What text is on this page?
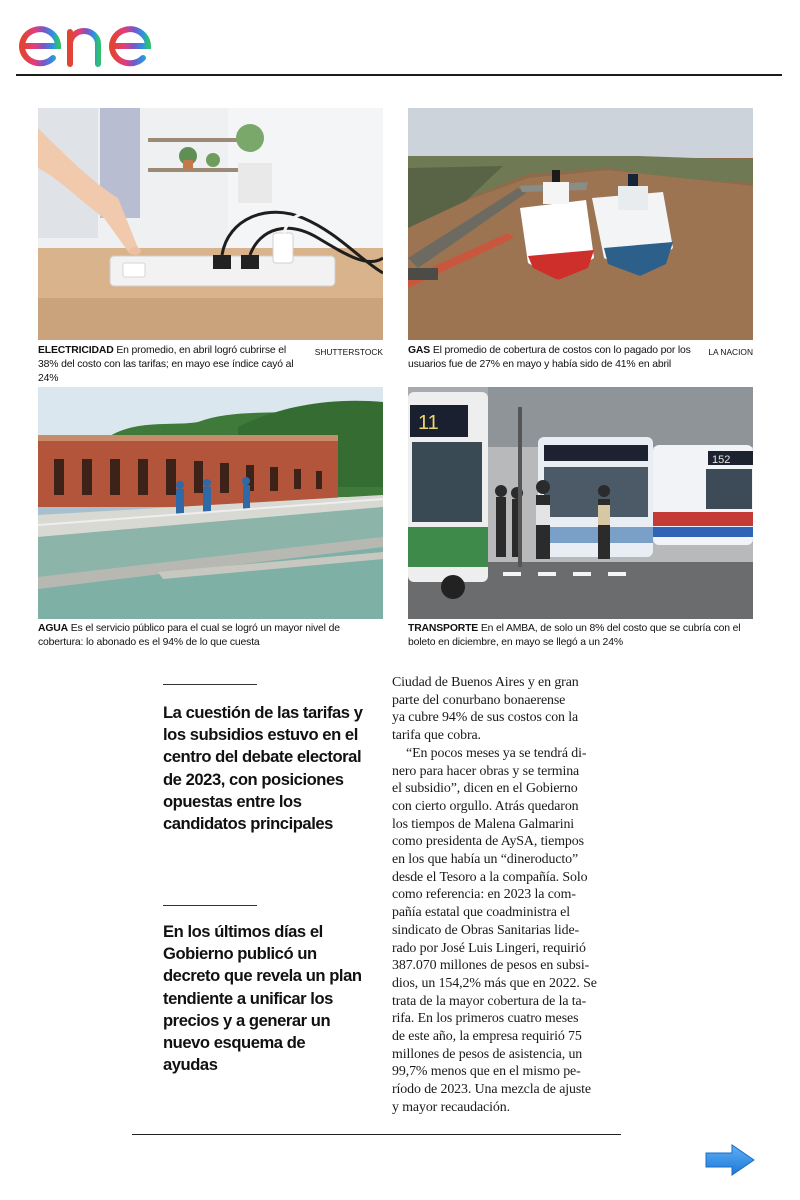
11
152
SHUTTERSTOCK
ELECTRICIDAD En promedio, en abril logró cubrirse el 38% del costo con las tarifas; en mayo ese índice cayó al 24%
LA NACION
GAS El promedio de cobertura de costos con lo pagado por los usuarios fue de 27% en mayo y había sido de 41% en abril
AGUA Es el servicio público para el cual se logró un mayor nivel de cobertura: lo abonado es el 94% de lo que cuesta
TRANSPORTE En el AMBA, de solo un 8% del costo que se cubría con el boleto en diciembre, en mayo se llegó a un 24%
La cuestión de las tarifas y los subsidios estuvo en el centro del debate electoral de 2023, con posiciones opuestas entre los candidatos principales
En los últimos días el Gobierno publicó un decreto que revela un plan tendiente a unificar los precios y a generar un nuevo esquema de ayudas

Ciudad de Buenos Aires y en gran
parte del conurbano bonaerense
ya cubre 94% de sus costos con la
tarifa que cobra.

“En pocos meses ya se tendrá di-
nero para hacer obras y se termina
el subsidio”, dicen en el Gobierno
con cierto orgullo. Atrás quedaron
los tiempos de Malena Galmarini
como presidenta de AySA, tiempos
en los que había un “dineroducto”
desde el Tesoro a la compañía. Solo
como referencia: en 2023 la com-
pañía estatal que coadministra el
sindicato de Obras Sanitarias lide-
rado por José Luis Lingeri, requirió
387.070 millones de pesos en subsi-
dios, un 154,2% más que en 2022. Se
trata de la mayor cobertura de la ta-
rifa. En los primeros cuatro meses
de este año, la empresa requirió 75
millones de pesos de asistencia, un
99,7% menos que en el mismo pe-
ríodo de 2023. Una mezcla de ajuste
y mayor recaudación.
